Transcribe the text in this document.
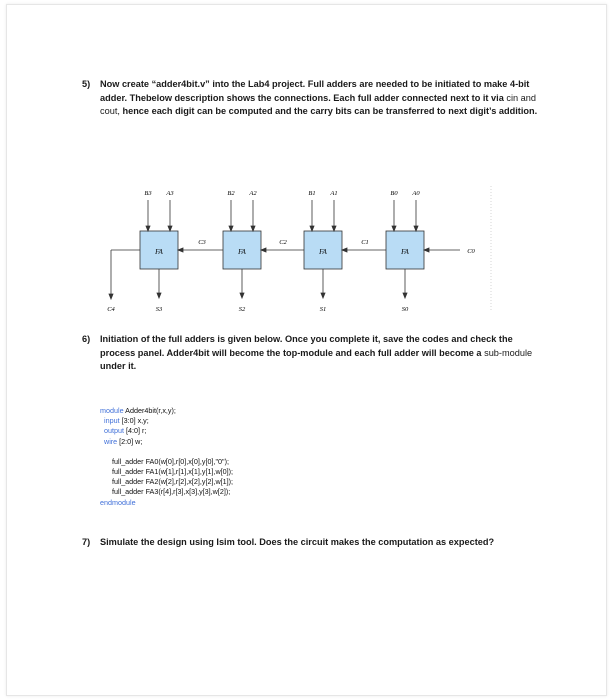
5) Now create “adder4bit.v” into the Lab4 project. Full adders are needed to be initiated to make 4-bit adder. Thebelow description shows the connections. Each full adder connected next to it via cin and cout, hence each digit can be computed and the carry bits can be transferred to next digit’s addition.
FA	FA	FA	FA
B3 A3	B2 A2	B1 A1	B0 A0
C3	C2	C1
C0
C4	S3	S2	S1	S0
6) Initiation of the full adders is given below. Once you complete it, save the codes and check the process panel. Adder4bit will become the top-module and each full adder will become a sub-module under it.
module Adder4bit(r,x,y);
input [3:0] x,y;
output [4:0] r;
wire [2:0] w;
full_adder FA0(w[0],r[0],x[0],y[0],"0");
full_adder FA1(w[1],r[1],x[1],y[1],w[0]);
full_adder FA2(w[2],r[2],x[2],y[2],w[1]);
full_adder FA3(r[4],r[3],x[3],y[3],w[2]);
endmodule
7) Simulate the design using Isim tool. Does the circuit makes the computation as expected?
